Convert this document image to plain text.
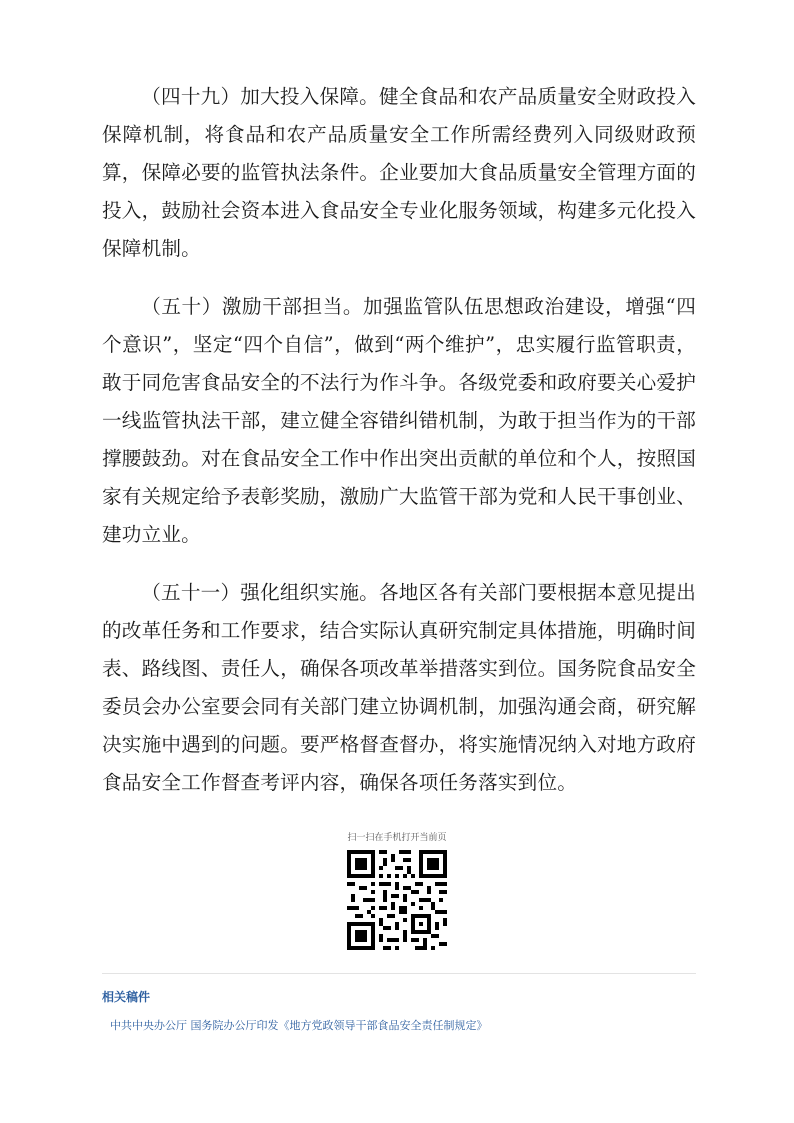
（四十九）加大投入保障。健全食品和农产品质量安全财政投入保障机制，将食品和农产品质量安全工作所需经费列入同级财政预算，保障必要的监管执法条件。企业要加大食品质量安全管理方面的投入，鼓励社会资本进入食品安全专业化服务领域，构建多元化投入保障机制。

（五十）激励干部担当。加强监管队伍思想政治建设，增强“四个意识”，坚定“四个自信”，做到“两个维护”，忠实履行监管职责，敢于同危害食品安全的不法行为作斗争。各级党委和政府要关心爱护一线监管执法干部，建立健全容错纠错机制，为敢于担当作为的干部撑腰鼓劲。对在食品安全工作中作出突出贡献的单位和个人，按照国家有关规定给予表彰奖励，激励广大监管干部为党和人民干事创业、建功立业。

（五十一）强化组织实施。各地区各有关部门要根据本意见提出的改革任务和工作要求，结合实际认真研究制定具体措施，明确时间表、路线图、责任人，确保各项改革举措落实到位。国务院食品安全委员会办公室要会同有关部门建立协调机制，加强沟通会商，研究解决实施中遇到的问题。要严格督查督办，将实施情况纳入对地方政府食品安全工作督查考评内容，确保各项任务落实到位。

扫一扫在手机打开当前页
相关稿件
中共中央办公厅 国务院办公厅印发《地方党政领导干部食品安全责任制规定》
